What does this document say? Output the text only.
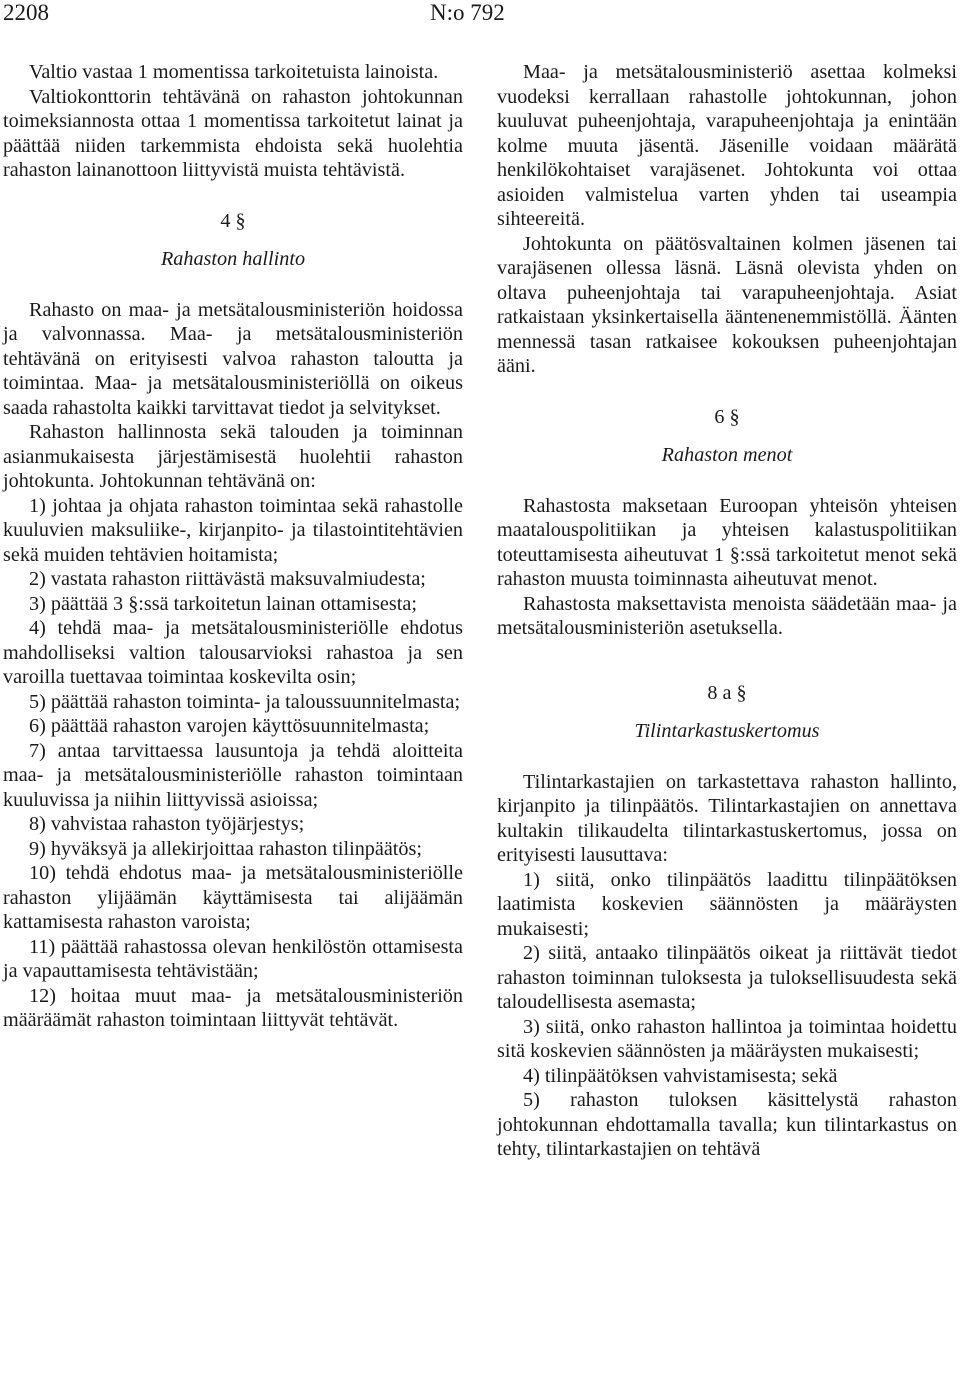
2208	N:o 792

Valtio vastaa 1 momentissa tarkoitetuista lainoista.

Valtiokonttorin tehtävänä on rahaston johtokunnan toimeksiannosta ottaa 1 momentissa tarkoitetut lainat ja päättää niiden tarkemmista ehdoista sekä huolehtia rahaston lainanottoon liittyvistä muista tehtävistä.

4 §

Rahaston hallinto

Rahasto on maa- ja metsätalousministeriön hoidossa ja valvonnassa. Maa- ja metsätalousministeriön tehtävänä on erityisesti valvoa rahaston taloutta ja toimintaa. Maa- ja metsätalousministeriöllä on oikeus saada rahastolta kaikki tarvittavat tiedot ja selvitykset.

Rahaston hallinnosta sekä talouden ja toiminnan asianmukaisesta järjestämisestä huolehtii rahaston johtokunta. Johtokunnan tehtävänä on:

1) johtaa ja ohjata rahaston toimintaa sekä rahastolle kuuluvien maksuliike-, kirjanpito- ja tilastointitehtävien sekä muiden tehtävien hoitamista;

2) vastata rahaston riittävästä maksuvalmiudesta;

3) päättää 3 §:ssä tarkoitetun lainan ottamisesta;

4) tehdä maa- ja metsätalousministeriölle ehdotus mahdolliseksi valtion talousarvioksi rahastoa ja sen varoilla tuettavaa toimintaa koskevilta osin;

5) päättää rahaston toiminta- ja taloussuunnitelmasta;

6) päättää rahaston varojen käyttösuunnitelmasta;

7) antaa tarvittaessa lausuntoja ja tehdä aloitteita maa- ja metsätalousministeriölle rahaston toimintaan kuuluvissa ja niihin liittyvissä asioissa;

8) vahvistaa rahaston työjärjestys;

9) hyväksyä ja allekirjoittaa rahaston tilinpäätös;

10) tehdä ehdotus maa- ja metsätalousministeriölle rahaston ylijäämän käyttämisesta tai alijäämän kattamisesta rahaston varoista;

11) päättää rahastossa olevan henkilöstön ottamisesta ja vapauttamisesta tehtävistään;

12) hoitaa muut maa- ja metsätalousministeriön määräämät rahaston toimintaan liittyvät tehtävät.

Maa- ja metsätalousministeriö asettaa kolmeksi vuodeksi kerrallaan rahastolle johtokunnan, johon kuuluvat puheenjohtaja, varapuheenjohtaja ja enintään kolme muuta jäsentä. Jäsenille voidaan määrätä henkilökohtaiset varajäsenet. Johtokunta voi ottaa asioiden valmistelua varten yhden tai useampia sihteereitä.

Johtokunta on päätösvaltainen kolmen jäsenen tai varajäsenen ollessa läsnä. Läsnä olevista yhden on oltava puheenjohtaja tai varapuheenjohtaja. Asiat ratkaistaan yksinkertaisella ääntenenemmistöllä. Äänten mennessä tasan ratkaisee kokouksen puheenjohtajan ääni.

6 §

Rahaston menot

Rahastosta maksetaan Euroopan yhteisön yhteisen maatalouspolitiikan ja yhteisen kalastuspolitiikan toteuttamisesta aiheutuvat 1 §:ssä tarkoitetut menot sekä rahaston muusta toiminnasta aiheutuvat menot.

Rahastosta maksettavista menoista säädetään maa- ja metsätalousministeriön asetuksella.

8 a §

Tilintarkastuskertomus

Tilintarkastajien on tarkastettava rahaston hallinto, kirjanpito ja tilinpäätös. Tilintarkastajien on annettava kultakin tilikaudelta tilintarkastuskertomus, jossa on erityisesti lausuttava:

1) siitä, onko tilinpäätös laadittu tilinpäätöksen laatimista koskevien säännösten ja määräysten mukaisesti;

2) siitä, antaako tilinpäätös oikeat ja riittävät tiedot rahaston toiminnan tuloksesta ja tuloksellisuudesta sekä taloudellisesta asemasta;

3) siitä, onko rahaston hallintoa ja toimintaa hoidettu sitä koskevien säännösten ja määräysten mukaisesti;

4) tilinpäätöksen vahvistamisesta; sekä

5) rahaston tuloksen käsittelystä rahaston johtokunnan ehdottamalla tavalla; kun tilintarkastus on tehty, tilintarkastajien on tehtävä
